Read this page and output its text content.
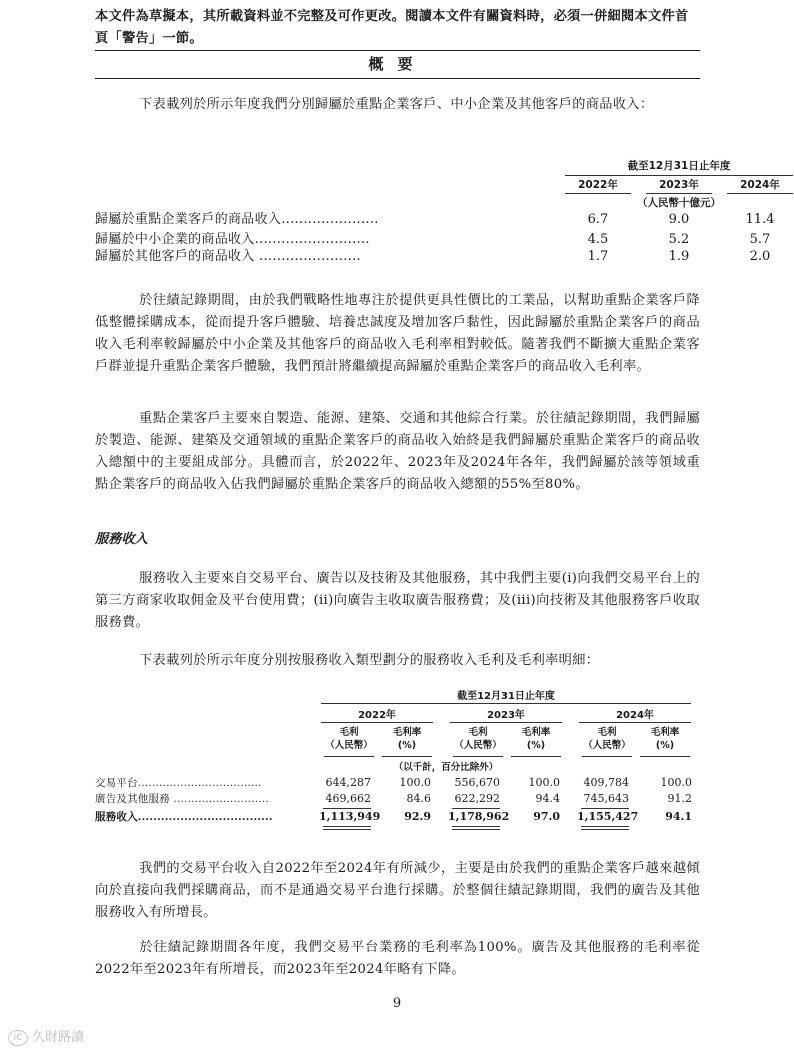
本文件為草擬本，其所載資料並不完整及可作更改。閱讀本文件有關資料時，必須一併細閱本文件首頁「警告」一節。
概要
下表載列於所示年度我們分別歸屬於重點企業客戶、中小企業及其他客戶的商品收入：
截至12月31日止年度
2022年	2023年	2024年
（人民幣十億元）
歸屬於重點企業客戶的商品收入......................	6.7	9.0	11.4
歸屬於中小企業的商品收入..........................	4.5	5.2	5.7
歸屬於其他客戶的商品收入 .......................	1.7	1.9	2.0
於往績記錄期間，由於我們戰略性地專注於提供更具性價比的工業品，以幫助重點企業客戶降低整體採購成本，從而提升客戶體驗、培養忠誠度及增加客戶黏性，因此歸屬於重點企業客戶的商品收入毛利率較歸屬於中小企業及其他客戶的商品收入毛利率相對較低。隨著我們不斷擴大重點企業客戶群並提升重點企業客戶體驗，我們預計將繼續提高歸屬於重點企業客戶的商品收入毛利率。
重點企業客戶主要來自製造、能源、建築、交通和其他綜合行業。於往績記錄期間，我們歸屬於製造、能源、建築及交通領域的重點企業客戶的商品收入始終是我們歸屬於重點企業客戶的商品收入總額中的主要組成部分。具體而言，於2022年、2023年及2024年各年，我們歸屬於該等領域重點企業客戶的商品收入佔我們歸屬於重點企業客戶的商品收入總額的55%至80%。
服務收入
服務收入主要來自交易平台、廣告以及技術及其他服務，其中我們主要(i)向我們交易平台上的第三方商家收取佣金及平台使用費；(ii)向廣告主收取廣告服務費；及(iii)向技術及其他服務客戶收取服務費。
下表載列於所示年度分別按服務收入類型劃分的服務收入毛利及毛利率明細：
截至12月31日止年度
2022年	2023年	2024年
毛利
（人民幣）
毛利率
(%)
毛利
（人民幣）
毛利率
(%)
毛利
（人民幣）
毛利率
(%)
（以千計，百分比除外）
交易平台...................................	644,287	100.0	556,670	100.0	409,784	100.0
廣告及其他服務 ...........................	469,662	84.6	622,292	94.4	745,643	91.2
服務收入...................................	1,113,949	92.9 1,178,962	97.0 1,155,427	94.1
我們的交易平台收入自2022年至2024年有所減少，主要是由於我們的重點企業客戶越來越傾向於直接向我們採購商品，而不是通過交易平台進行採購。於整個往績記錄期間，我們的廣告及其他服務收入有所增長。
於往績記錄期間各年度，我們交易平台業務的毛利率為100%。廣告及其他服務的毛利率從2022年至2023年有所增長，而2023年至2024年略有下降。
9
iC 久財路讀
